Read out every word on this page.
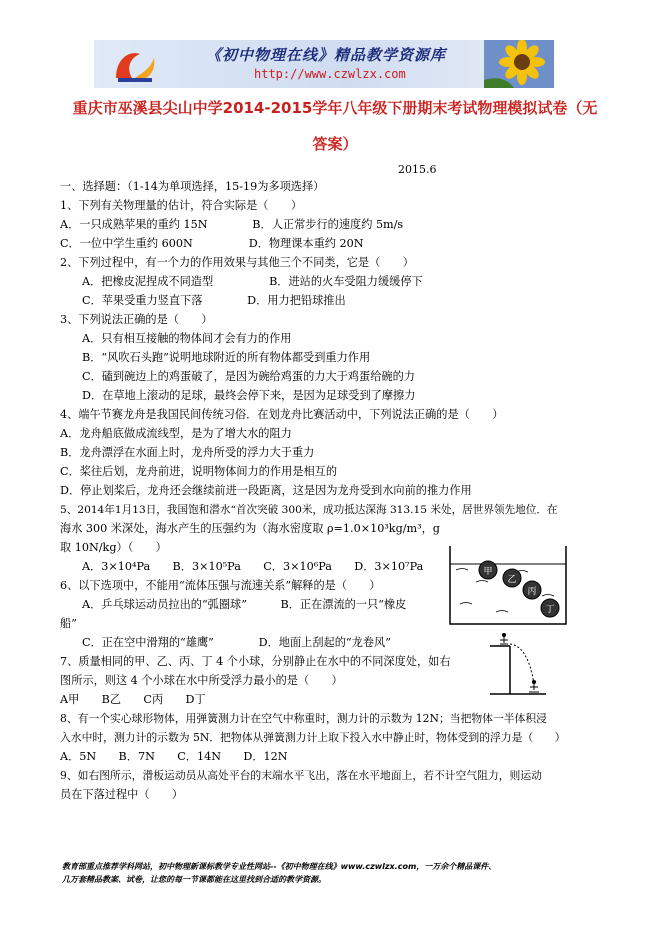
《初中物理在线》精品教学资源库
http://www.czwlzx.com
重庆市巫溪县尖山中学2014-2015学年八年级下册期末考试物理模拟试卷（无
答案）
2015.6
一、选择题：（1-14为单项选择，15-19为多项选择）
1、下列有关物理量的估计，符合实际是（　　）
A．一只成熟苹果的重约 15N　　　　B．人正常步行的速度约 5m/s
C．一位中学生重约 600N　　　　　D．物理课本重约 20N
2、下列过程中，有一个力的作用效果与其他三个不同类，它是（　　）
A．把橡皮泥捏成不同造型　　　　　B．进站的火车受阻力缓缓停下
C．苹果受重力竖直下落　　　　D．用力把铅球推出
3、下列说法正确的是（　　）
A．只有相互接触的物体间才会有力的作用
B．“风吹石头跑”说明地球附近的所有物体都受到重力作用
C．磕到碗边上的鸡蛋破了，是因为碗给鸡蛋的力大于鸡蛋给碗的力
D．在草地上滚动的足球，最终会停下来，是因为足球受到了摩擦力
4、端午节赛龙舟是我国民间传统习俗．在划龙舟比赛活动中，下列说法正确的是（　　）
A．龙舟船底做成流线型，是为了增大水的阻力
B．龙舟漂浮在水面上时，龙舟所受的浮力大于重力
C．桨往后划，龙舟前进，说明物体间力的作用是相互的
D．停止划桨后，龙舟还会继续前进一段距离，这是因为龙舟受到水向前的推力作用
5、2014年1月13日，我国饱和潜水“首次突破 300米，成功抵达深海 313.15 米处，居世界领先地位．在
海水 300 米深处，海水产生的压强约为（海水密度取 ρ=1.0×10³kg/m³，g
取 10N/kg）（　　）
A．3×10⁴Pa　　B．3×10⁵Pa　　C．3×10⁶Pa　　D．3×10⁷Pa
6、以下选项中，不能用“流体压强与流速关系”解释的是（　　）
A．乒乓球运动员拉出的“弧圈球”　　　B．正在漂流的一只“橡皮
船”
C．正在空中滑翔的“雄鹰”　　　　D．地面上刮起的“龙卷风”
7、质量相同的甲、乙、丙、丁 4 个小球，分别静止在水中的不同深度处，如右
图所示，则这 4 个小球在水中所受浮力最小的是（　　）
A甲　　B乙　　C丙　　D丁
8、有一个实心球形物体，用弹簧测力计在空气中称重时，测力计的示数为 12N；当把物体一半体积浸
入水中时，测力计的示数为 5N．把物体从弹簧测力计上取下投入水中静止时，物体受到的浮力是（　　）
A．5N　　B．7N　　C．14N　　D．12N
9、如右图所示，滑板运动员从高处平台的末端水平飞出，落在水平地面上，若不计空气阻力，则运动
员在下落过程中（　　）
甲
乙
丙
丁
教育部重点推荐学科网站，初中物理新课标教学专业性网站--《初中物理在线》www.czwlzx.com，一万余个精品课件、
几万套精品教案、试卷，让您的每一节课都能在这里找到合适的教学资源。
